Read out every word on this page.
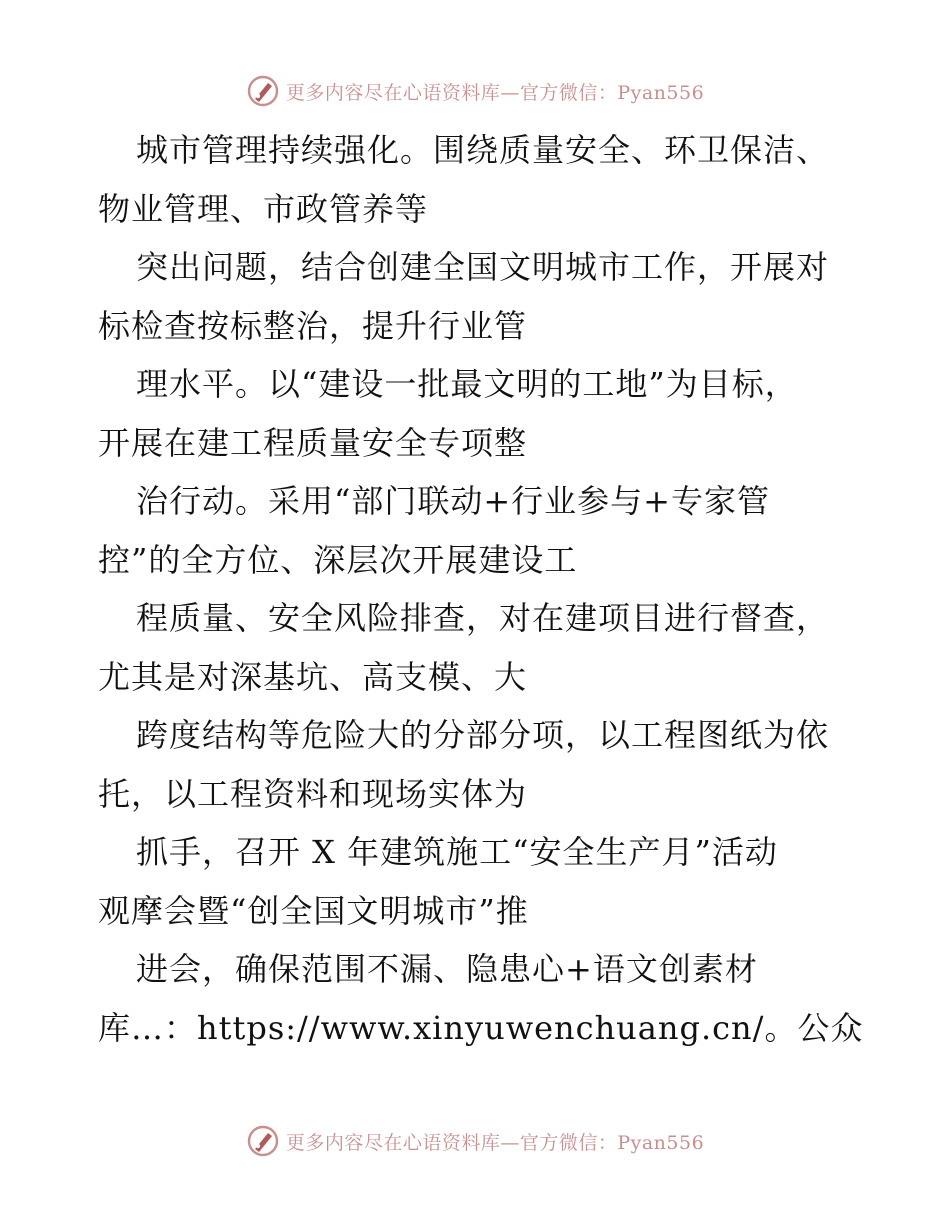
更多内容尽在心语资料库—官方微信：Pyan556
城市管理持续强化。围绕质量安全、环卫保洁、
物业管理、市政管养等
突出问题，结合创建全国文明城市工作，开展对
标检查按标整治，提升行业管
理水平。以“建设一批最文明的工地”为目标，
开展在建工程质量安全专项整
治行动。采用“部门联动+行业参与+专家管
控”的全方位、深层次开展建设工
程质量、安全风险排查，对在建项目进行督查，
尤其是对深基坑、高支模、大
跨度结构等危险大的分部分项，以工程图纸为依
托，以工程资料和现场实体为
抓手，召开 X 年建筑施工“安全生产月”活动
观摩会暨“创全国文明城市”推
进会，确保范围不漏、隐患心+语文创素材
库…：https://www.xinyuwenchuang.cn/。公众
更多内容尽在心语资料库—官方微信：Pyan556
